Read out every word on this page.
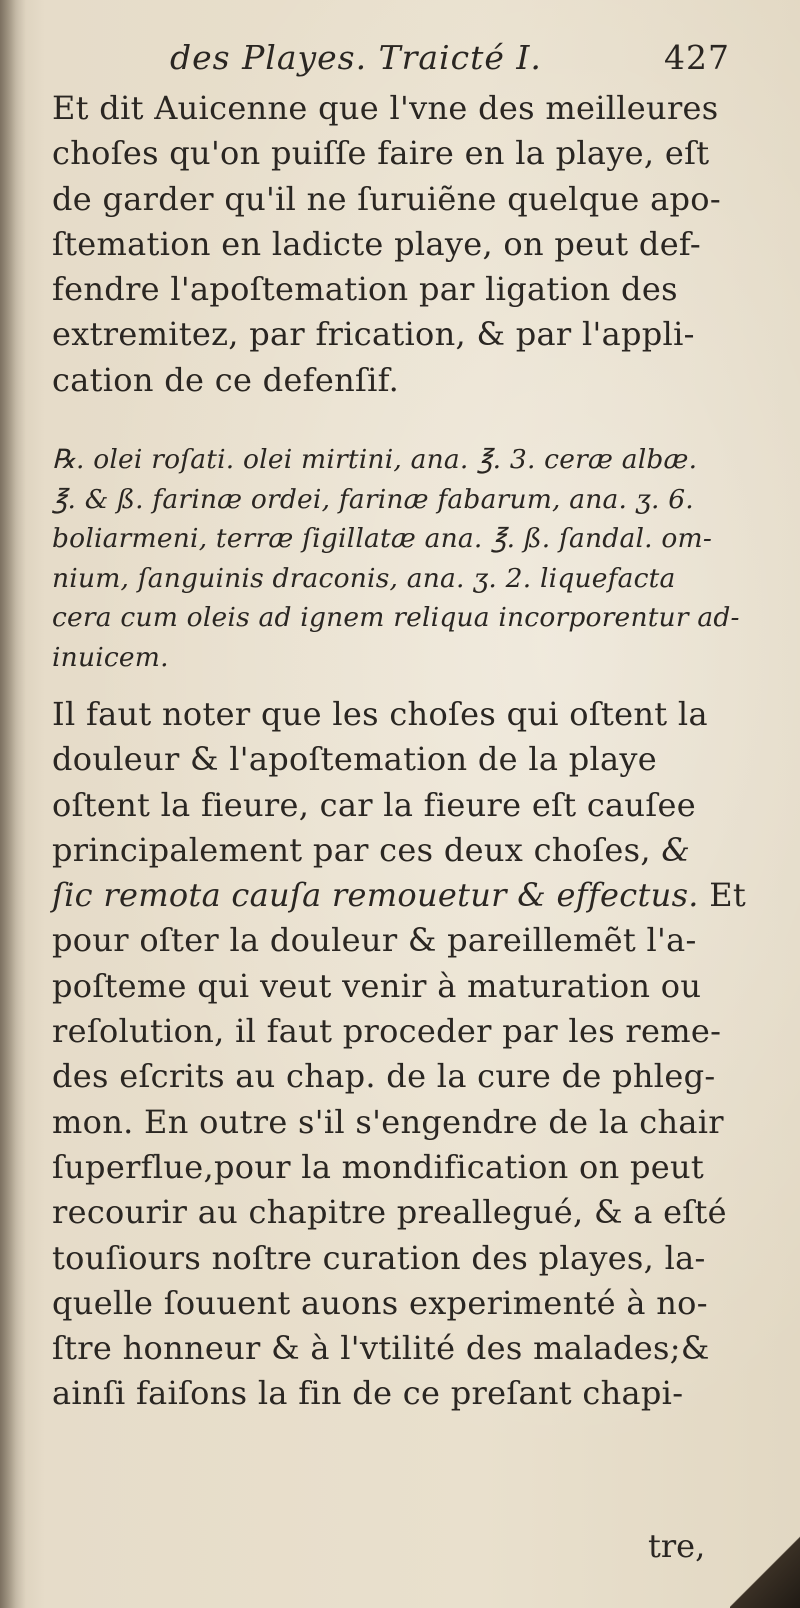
des Playes. Traicté I.	427
Et dit Auicenne que l'vne des meilleures
choſes qu'on puiſſe faire en la playe, eſt
de garder qu'il ne ſuruiẽne quelque apo-
ſtemation en ladicte playe, on peut def-
fendre l'apoſtemation par ligation des
extremitez, par frication, & par l'appli-
cation de ce defenſif.
℞. olei roſati. olei mirtini, ana. ℥. 3. ceræ albæ.
℥. & ß. farinæ ordei, farinæ fabarum, ana. ʒ. 6.
boliarmeni, terræ ſigillatæ ana. ℥. ß. ſandal. om-
nium, ſanguinis draconis, ana. ʒ. 2. liquefacta
cera cum oleis ad ignem reliqua incorporentur ad-
inuicem.
Il faut noter que les choſes qui oſtent la
douleur & l'apoſtemation de la playe
oſtent la fieure, car la fieure eſt cauſee
principalement par ces deux choſes, &
ſic remota cauſa remouetur & effectus. Et
pour oſter la douleur & pareillemẽt l'a-
poſteme qui veut venir à maturation ou
reſolution, il faut proceder par les reme-
des eſcrits au chap. de la cure de phleg-
mon. En outre s'il s'engendre de la chair
ſuperflue,pour la mondification on peut
recourir au chapitre preallegué, & a eſté
touſiours noſtre curation des playes, la-
quelle ſouuent auons experimenté à no-
ſtre honneur & à l'vtilité des malades;&
ainſi faiſons la fin de ce preſant chapi-
tre,
